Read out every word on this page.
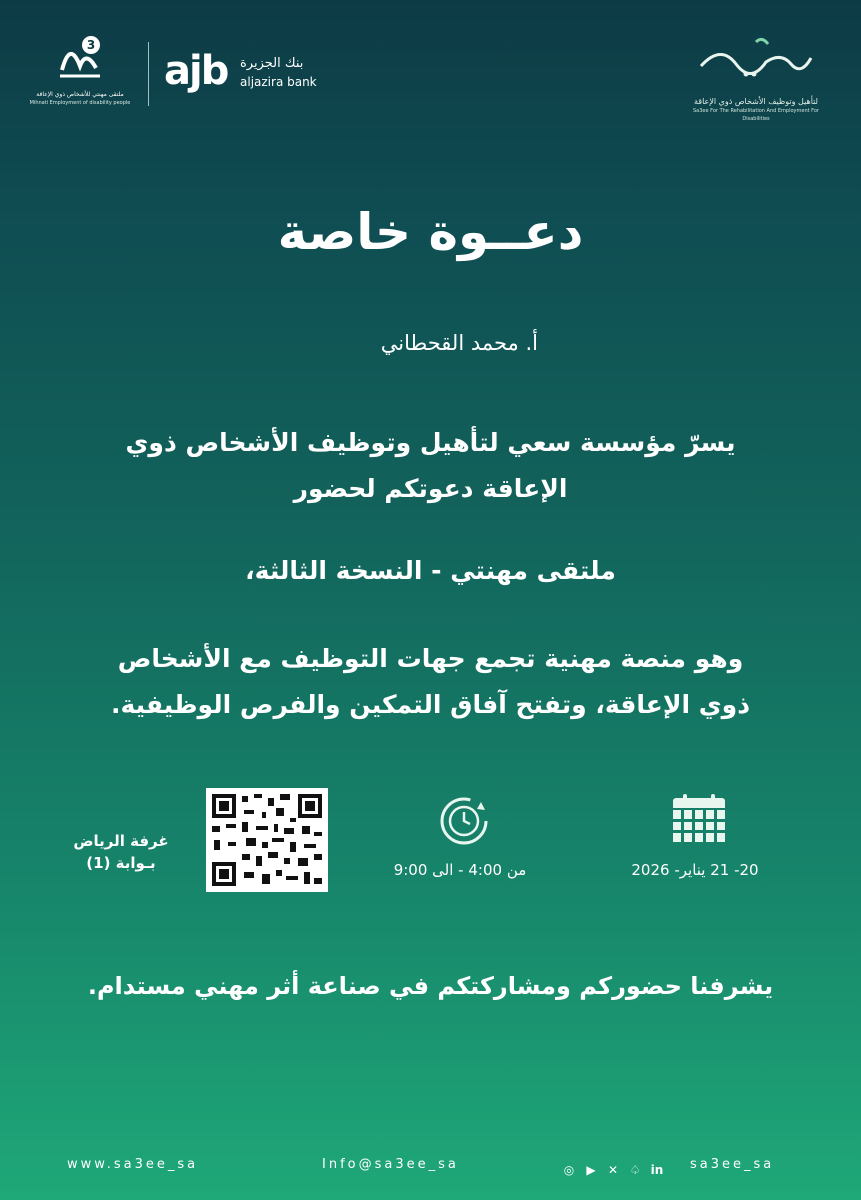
لتأهيل وتوظيف الأشخاص ذوي الإعاقة
Sa3ee For The Rehabilitation And Employment For Disabilities
3
ملتقى مهنتي للأشخاص ذوي الإعاقة
Mihnati Employment of disability people
ajb بنك الجزيرة
aljazira bank
دعــوة خاصة
أ. محمد القحطاني
يسرّ مؤسسة سعي لتأهيل وتوظيف الأشخاص ذوي
الإعاقة دعوتكم لحضور
ملتقى مهنتي - النسخة الثالثة،
وهو منصة مهنية تجمع جهات التوظيف مع الأشخاص
ذوي الإعاقة، وتفتح آفاق التمكين والفرص الوظيفية.
20- 21 يناير- 2026
من 4:00 - الى 9:00
غرفة الرياض
بـوابة (1)
يشرفنا حضوركم ومشاركتكم في صناعة أثر مهني مستدام.
www.sa3ee_sa	Info@sa3ee_sa	◎ ▶ ✕ ♤ in	sa3ee_sa
